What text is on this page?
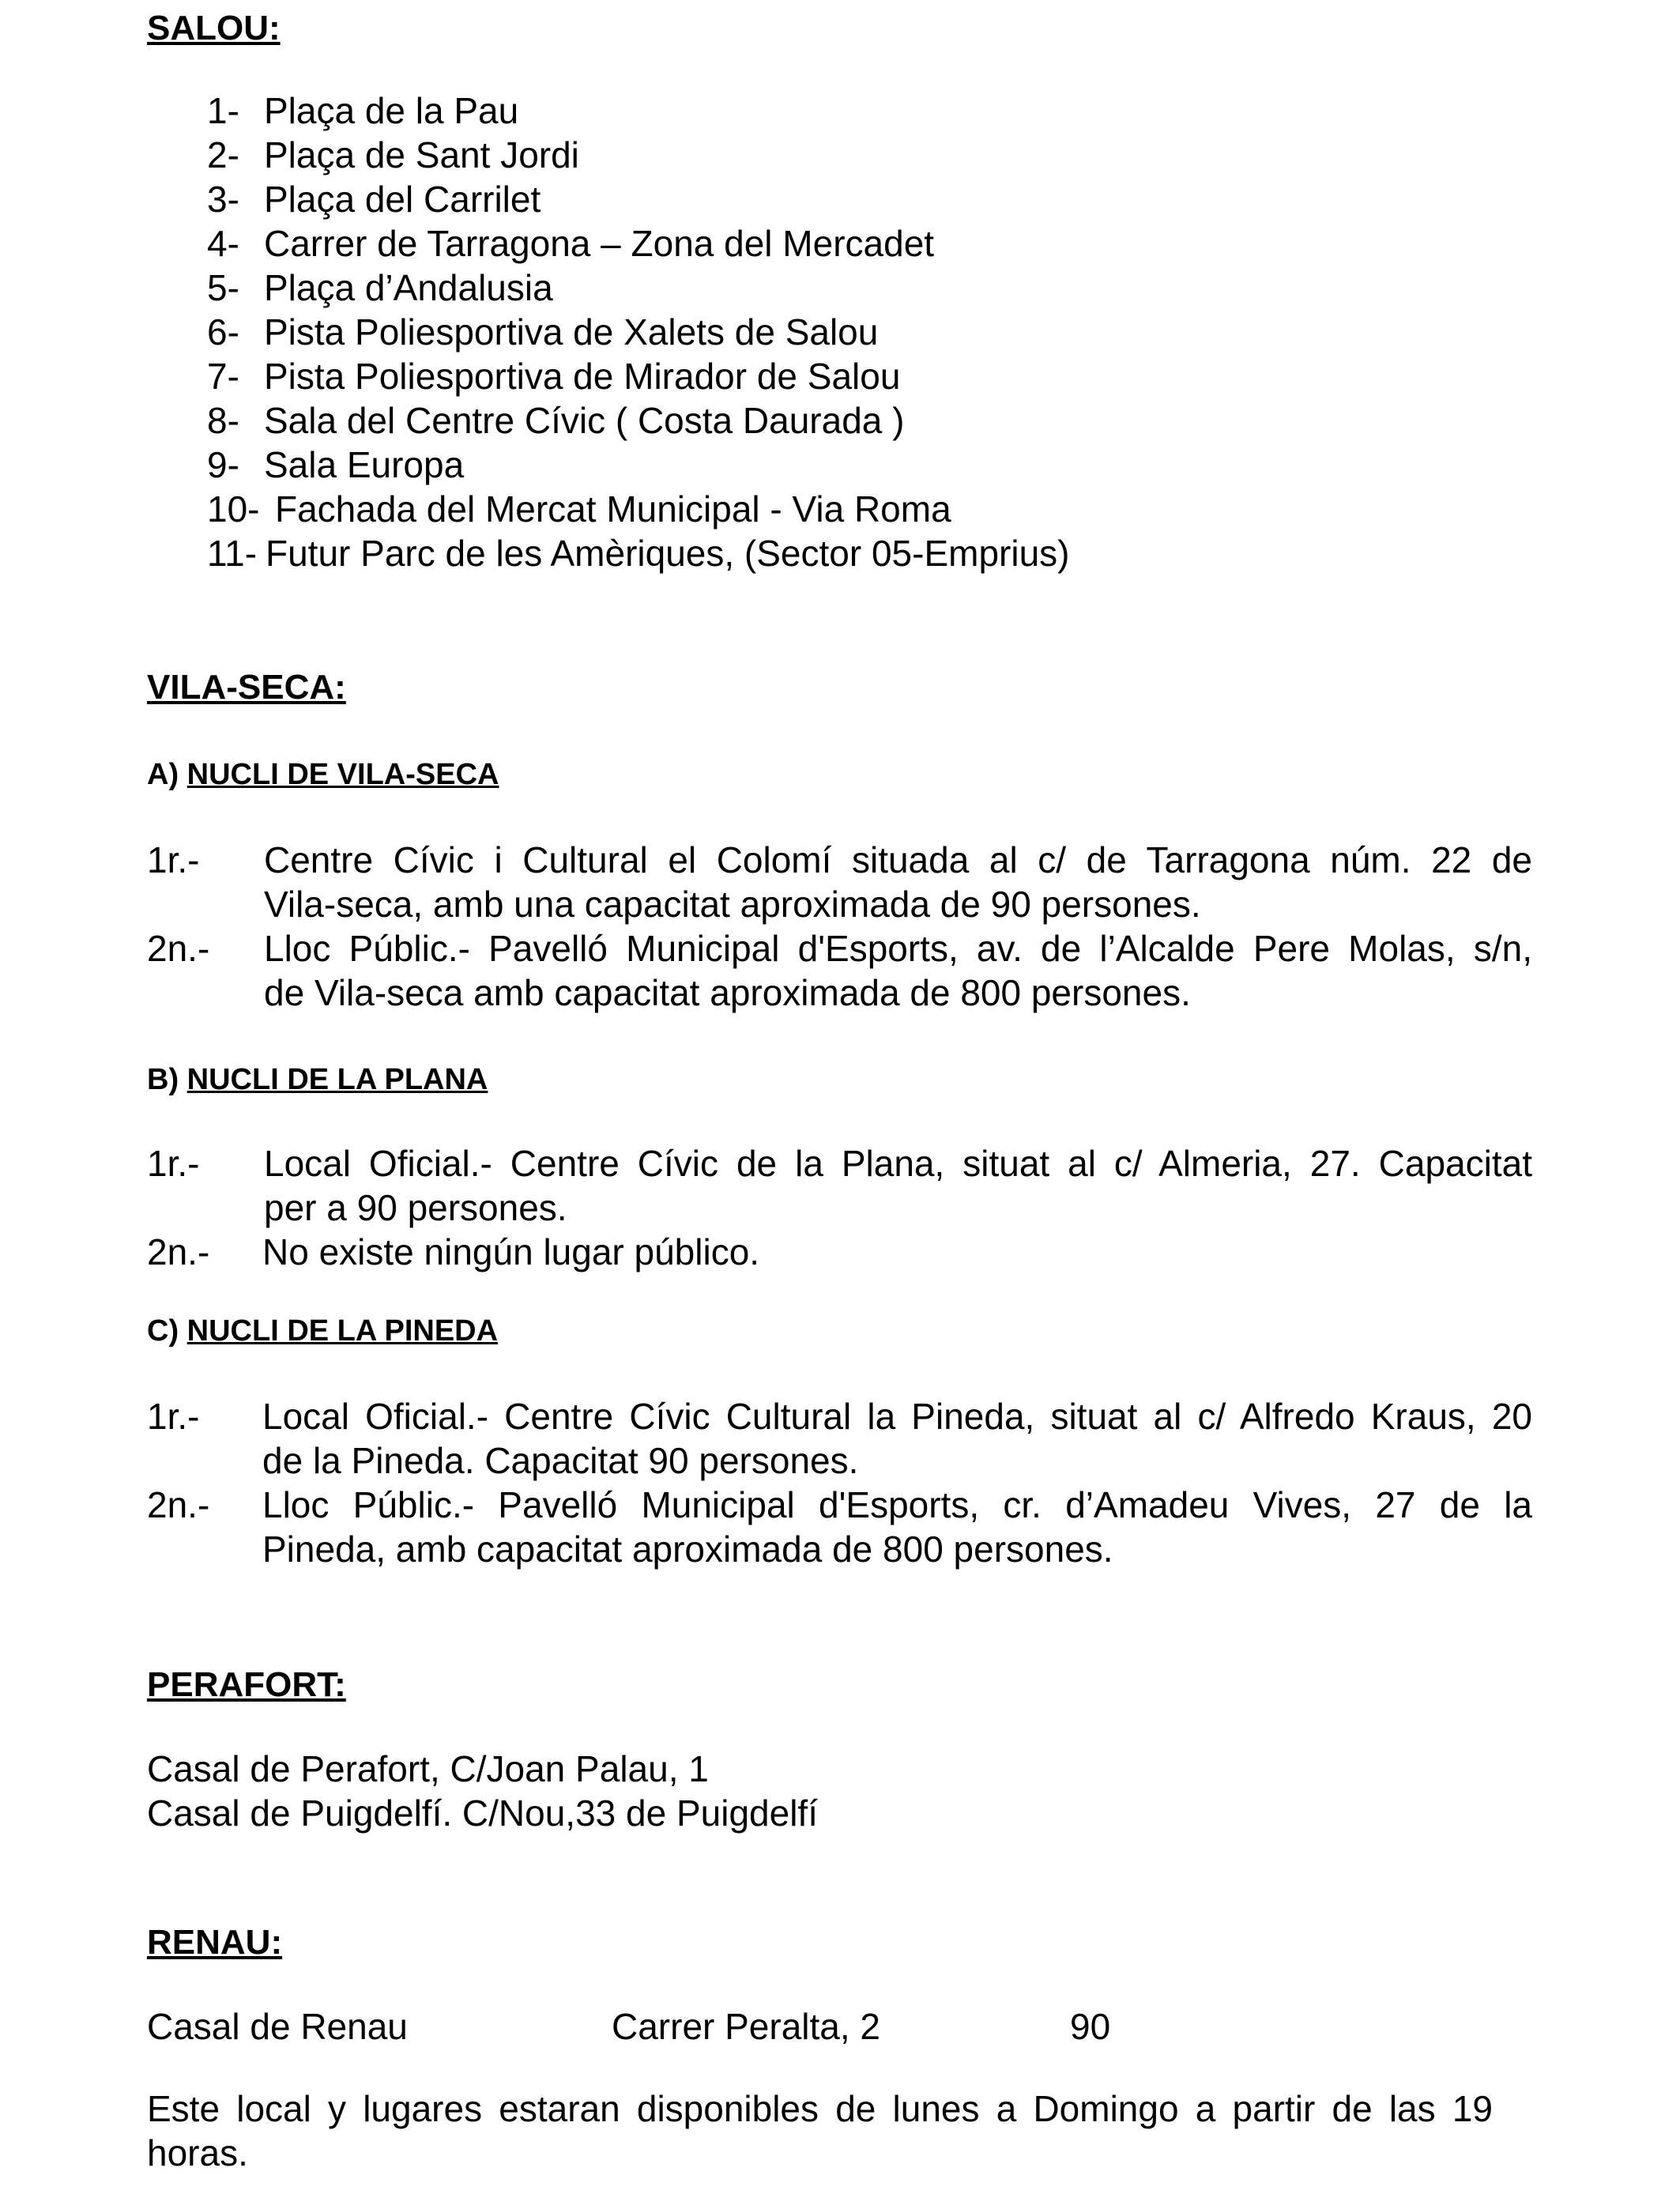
SALOU:
1- Plaça de la Pau
2- Plaça de Sant Jordi
3- Plaça del Carrilet
4- Carrer de Tarragona – Zona del Mercadet
5- Plaça d’Andalusia
6- Pista Poliesportiva de Xalets de Salou
7- Pista Poliesportiva de Mirador de Salou
8- Sala del Centre Cívic ( Costa Daurada )
9- Sala Europa
10- Fachada del Mercat Municipal - Via Roma
11- Futur Parc de les Amèriques, (Sector 05-Emprius)
VILA-SECA:
A) NUCLI DE VILA-SECA
1r.- Centre Cívic i Cultural el Colomí situada al c/ de Tarragona núm. 22 de
Vila-seca, amb una capacitat aproximada de 90 persones.
2n.- Lloc Públic.- Pavelló Municipal d'Esports, av. de l’Alcalde Pere Molas, s/n,
de Vila-seca amb capacitat aproximada de 800 persones.
B) NUCLI DE LA PLANA
1r.- Local Oficial.- Centre Cívic de la Plana, situat al c/ Almeria, 27. Capacitat
per a 90 persones.
2n.- No existe ningún lugar público.
C) NUCLI DE LA PINEDA
1r.- Local Oficial.- Centre Cívic Cultural la Pineda, situat al c/ Alfredo Kraus, 20
de la Pineda. Capacitat 90 persones.
2n.- Lloc Públic.- Pavelló Municipal d'Esports, cr. d’Amadeu Vives, 27 de la
Pineda, amb capacitat aproximada de 800 persones.
PERAFORT:
Casal de Perafort, C/Joan Palau, 1
Casal de Puigdelfí. C/Nou,33 de Puigdelfí
RENAU:
Casal de Renau	Carrer Peralta, 2	90
Este local y lugares estaran disponibles de lunes a Domingo a partir de las 19
horas.
